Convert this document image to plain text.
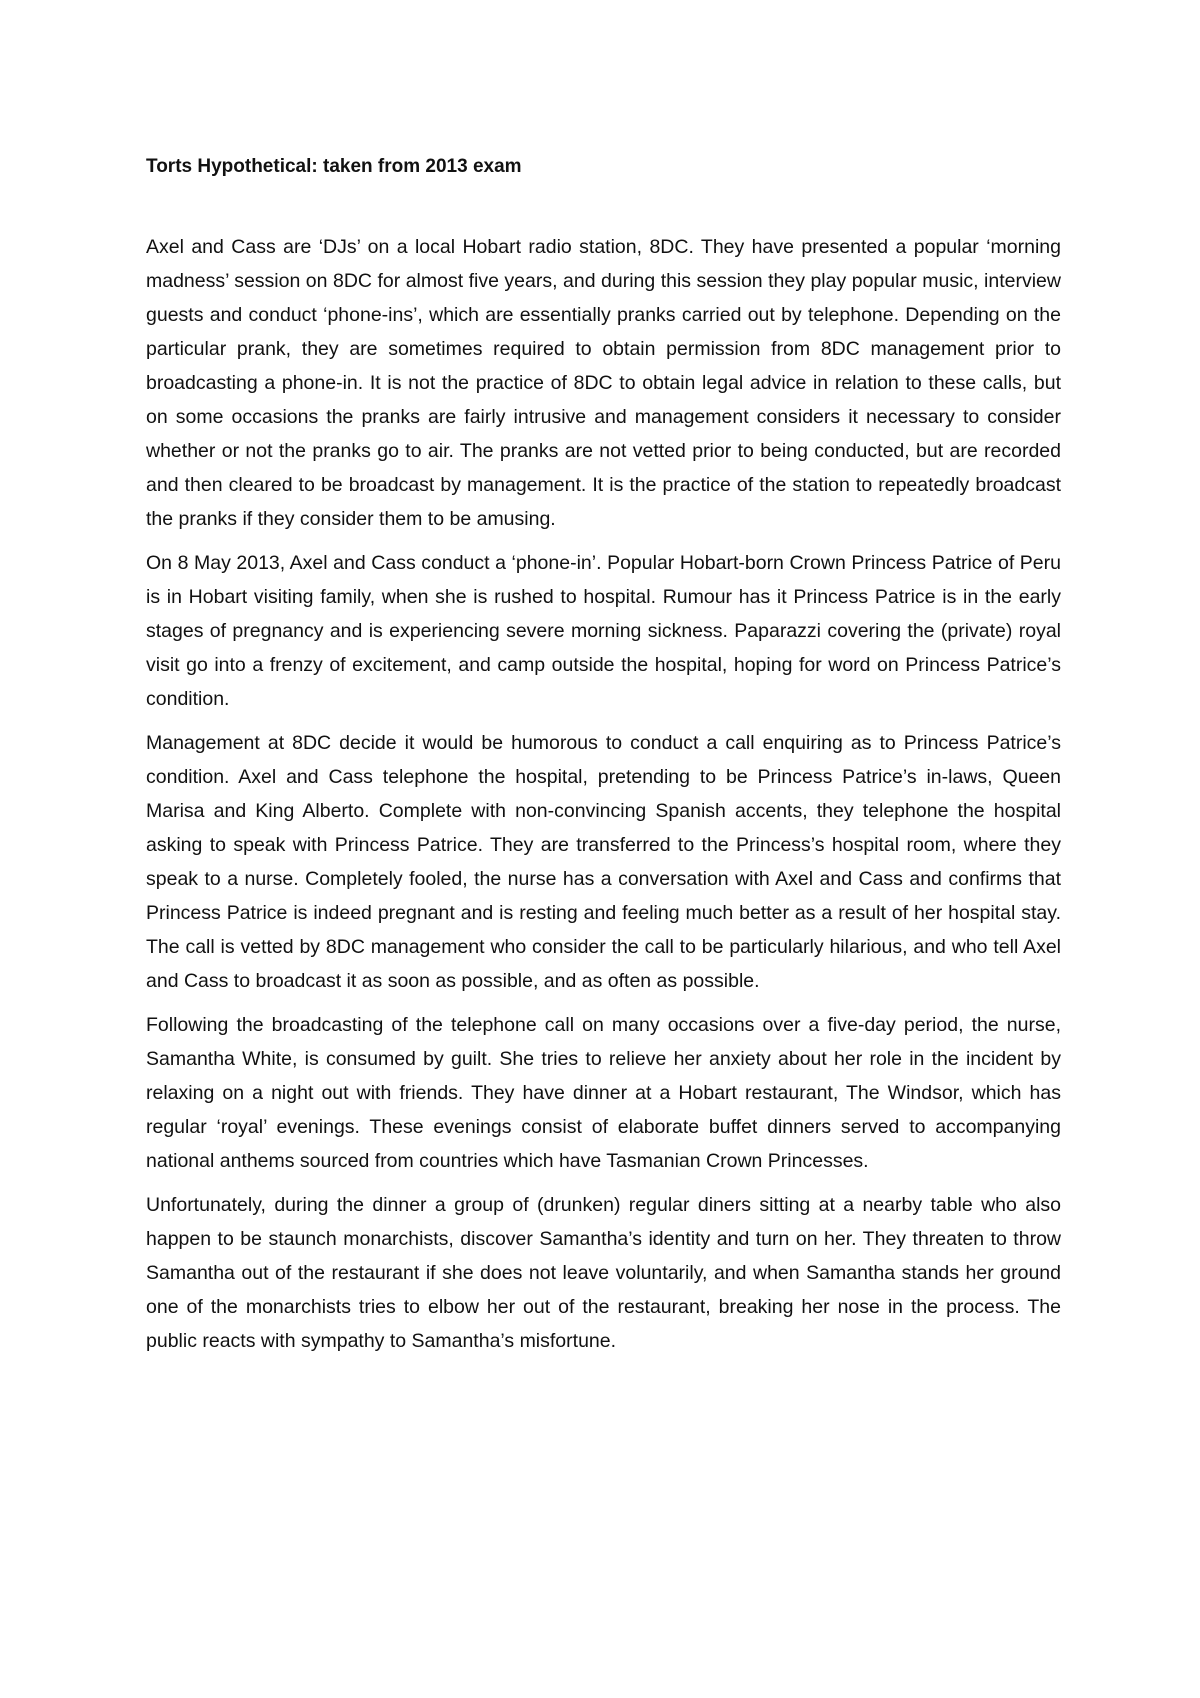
Torts Hypothetical: taken from 2013 exam

Axel and Cass are ‘DJs’ on a local Hobart radio station, 8DC. They have presented a popular ‘morning madness’ session on 8DC for almost five years, and during this session they play popular music, interview guests and conduct ‘phone-ins’, which are essentially pranks carried out by telephone. Depending on the particular prank, they are sometimes required to obtain permission from 8DC management prior to broadcasting a phone-in. It is not the practice of 8DC to obtain legal advice in relation to these calls, but on some occasions the pranks are fairly intrusive and management considers it necessary to consider whether or not the pranks go to air. The pranks are not vetted prior to being conducted, but are recorded and then cleared to be broadcast by management. It is the practice of the station to repeatedly broadcast the pranks if they consider them to be amusing.

On 8 May 2013, Axel and Cass conduct a ‘phone-in’. Popular Hobart-born Crown Princess Patrice of Peru is in Hobart visiting family, when she is rushed to hospital. Rumour has it Princess Patrice is in the early stages of pregnancy and is experiencing severe morning sickness. Paparazzi covering the (private) royal visit go into a frenzy of excitement, and camp outside the hospital, hoping for word on Princess Patrice’s condition.

Management at 8DC decide it would be humorous to conduct a call enquiring as to Princess Patrice’s condition. Axel and Cass telephone the hospital, pretending to be Princess Patrice’s in-laws, Queen Marisa and King Alberto. Complete with non-convincing Spanish accents, they telephone the hospital asking to speak with Princess Patrice. They are transferred to the Princess’s hospital room, where they speak to a nurse. Completely fooled, the nurse has a conversation with Axel and Cass and confirms that Princess Patrice is indeed pregnant and is resting and feeling much better as a result of her hospital stay. The call is vetted by 8DC management who consider the call to be particularly hilarious, and who tell Axel and Cass to broadcast it as soon as possible, and as often as possible.

Following the broadcasting of the telephone call on many occasions over a five-day period, the nurse, Samantha White, is consumed by guilt. She tries to relieve her anxiety about her role in the incident by relaxing on a night out with friends. They have dinner at a Hobart restaurant, The Windsor, which has regular ‘royal’ evenings. These evenings consist of elaborate buffet dinners served to accompanying national anthems sourced from countries which have Tasmanian Crown Princesses.

Unfortunately, during the dinner a group of (drunken) regular diners sitting at a nearby table who also happen to be staunch monarchists, discover Samantha’s identity and turn on her. They threaten to throw Samantha out of the restaurant if she does not leave voluntarily, and when Samantha stands her ground one of the monarchists tries to elbow her out of the restaurant, breaking her nose in the process. The public reacts with sympathy to Samantha’s misfortune.
